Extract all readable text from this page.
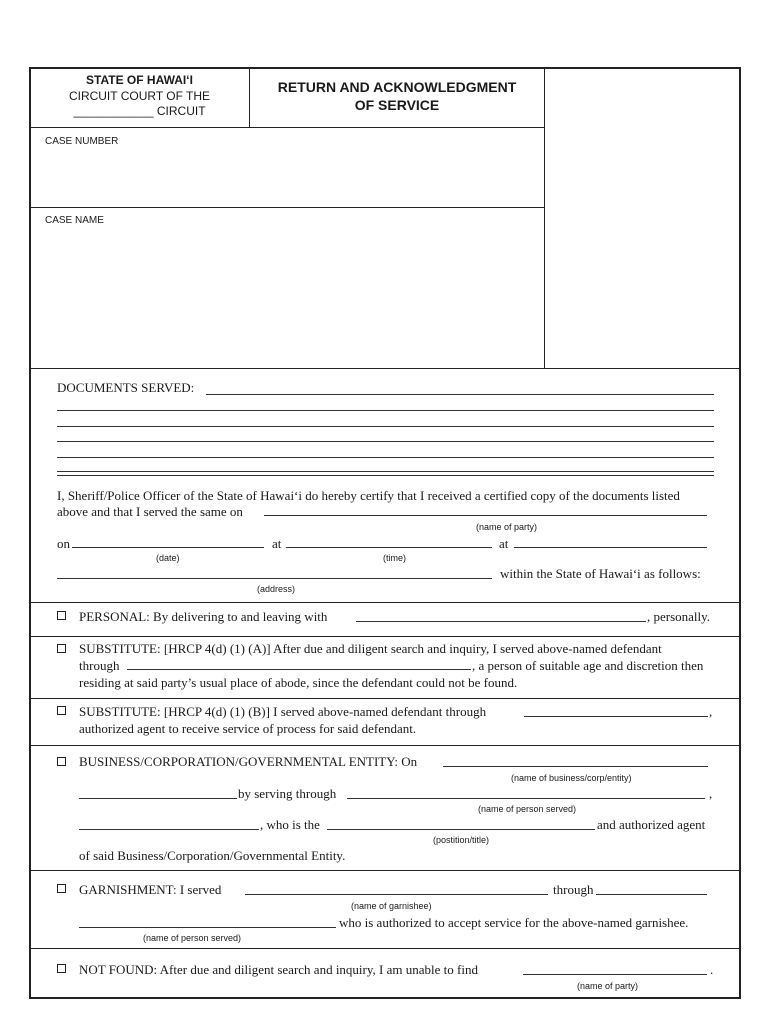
STATE OF HAWAI‘I
CIRCUIT COURT OF THE
____________ CIRCUIT
RETURN AND ACKNOWLEDGMENT
OF SERVICE
CASE NUMBER
CASE NAME
DOCUMENTS SERVED:
I, Sheriff/Police Officer of the State of Hawai‘i do hereby certify that I received a certified copy of the documents listed
above and that I served the same on
(name of party)
on	at	at
(date)	(time)
within the State of Hawai‘i as follows:
(address)
PERSONAL: By delivering to and leaving with	, personally.
SUBSTITUTE: [HRCP 4(d) (1) (A)] After due and diligent search and inquiry, I served above-named defendant
through	, a person of suitable age and discretion then
residing at said party’s usual place of abode, since the defendant could not be found.
SUBSTITUTE: [HRCP 4(d) (1) (B)] I served above-named defendant through	,
authorized agent to receive service of process for said defendant.
BUSINESS/CORPORATION/GOVERNMENTAL ENTITY: On
(name of business/corp/entity)
by serving through	,
(name of person served)
, who is the	and authorized agent
(postition/title)
of said Business/Corporation/Governmental Entity.
GARNISHMENT: I served	through
(name of garnishee)
who is authorized to accept service for the above-named garnishee.
(name of person served)
NOT FOUND: After due and diligent search and inquiry, I am unable to find	.
(name of party)
